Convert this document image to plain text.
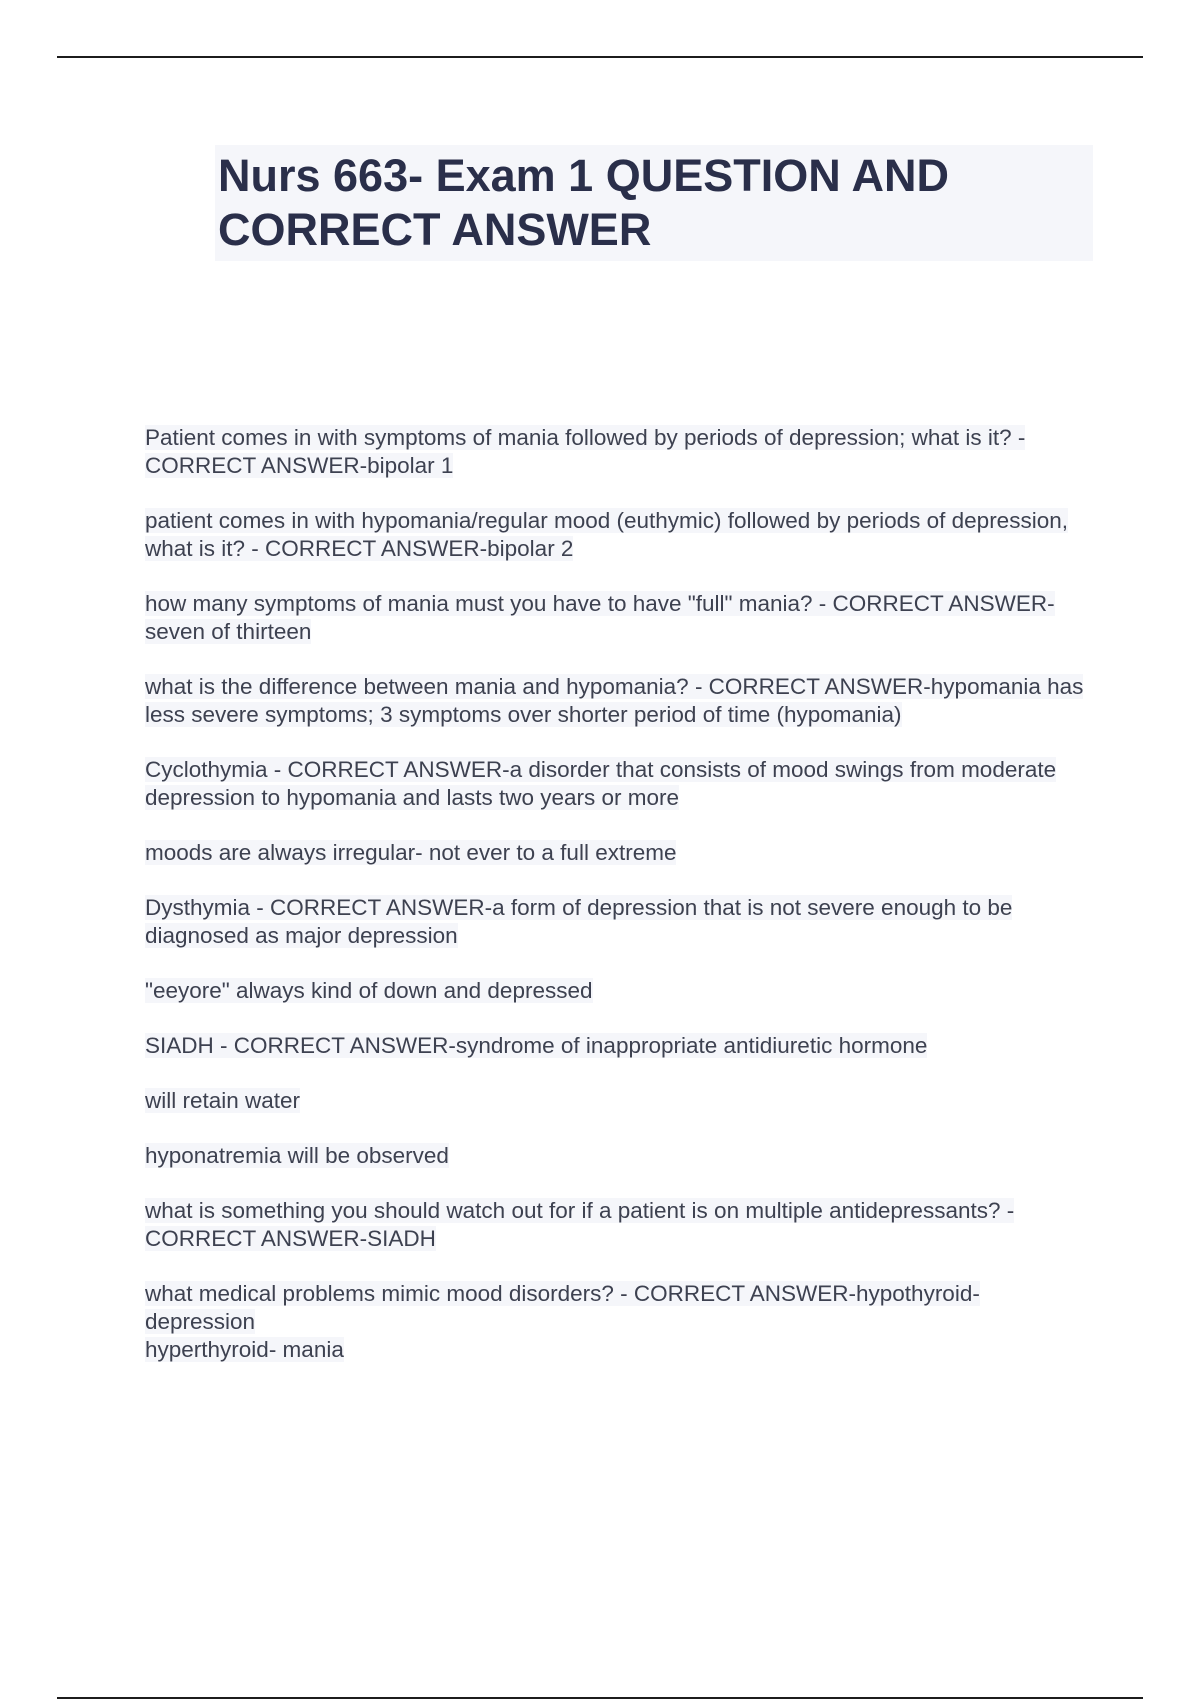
Nurs 663- Exam 1 QUESTION AND CORRECT ANSWER

Patient comes in with symptoms of mania followed by periods of depression; what is it? - CORRECT ANSWER-bipolar 1

patient comes in with hypomania/regular mood (euthymic) followed by periods of depression, what is it? - CORRECT ANSWER-bipolar 2

how many symptoms of mania must you have to have "full" mania? - CORRECT ANSWER-seven of thirteen

what is the difference between mania and hypomania? - CORRECT ANSWER-hypomania has less severe symptoms; 3 symptoms over shorter period of time (hypomania)

Cyclothymia - CORRECT ANSWER-a disorder that consists of mood swings from moderate depression to hypomania and lasts two years or more

moods are always irregular- not ever to a full extreme

Dysthymia - CORRECT ANSWER-a form of depression that is not severe enough to be diagnosed as major depression

"eeyore" always kind of down and depressed

SIADH - CORRECT ANSWER-syndrome of inappropriate antidiuretic hormone

will retain water

hyponatremia will be observed

what is something you should watch out for if a patient is on multiple antidepressants? - CORRECT ANSWER-SIADH

what medical problems mimic mood disorders? - CORRECT ANSWER-hypothyroid-depression
hyperthyroid- mania
